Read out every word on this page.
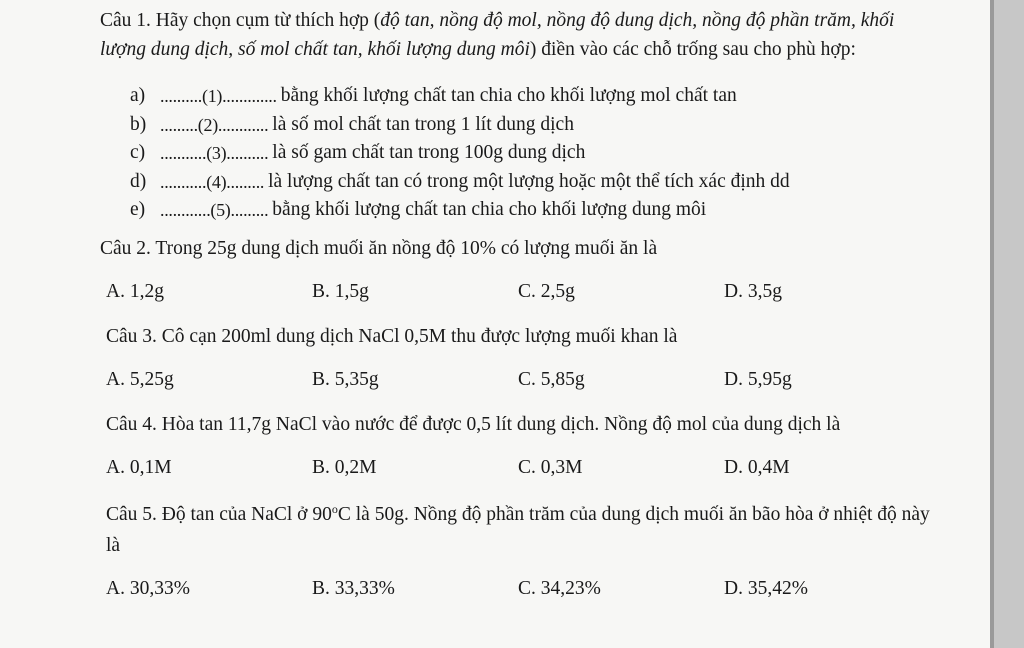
Câu 1. Hãy chọn cụm từ thích hợp (độ tan, nồng độ mol, nồng độ dung dịch, nồng độ phần trăm, khối lượng dung dịch, số mol chất tan, khối lượng dung môi) điền vào các chỗ trống sau cho phù hợp:

a) ..........(1)............. bằng khối lượng chất tan chia cho khối lượng mol chất tan
b) .........(2)............ là số mol chất tan trong 1 lít dung dịch
c) ...........(3).......... là số gam chất tan trong 100g dung dịch
d) ...........(4)......... là lượng chất tan có trong một lượng hoặc một thể tích xác định dd
e) ............(5)......... bằng khối lượng chất tan chia cho khối lượng dung môi

Câu 2. Trong 25g dung dịch muối ăn nồng độ 10% có lượng muối ăn là

A. 1,2g	B. 1,5g	C. 2,5g	D. 3,5g

Câu 3. Cô cạn 200ml dung dịch NaCl 0,5M thu được lượng muối khan là

A. 5,25g	B. 5,35g	C. 5,85g	D. 5,95g

Câu 4. Hòa tan 11,7g NaCl vào nước để được 0,5 lít dung dịch. Nồng độ mol của dung dịch là

A. 0,1M	B. 0,2M	C. 0,3M	D. 0,4M

Câu 5. Độ tan của NaCl ở 90$^o$C là 50g. Nồng độ phần trăm của dung dịch muối ăn bão hòa ở nhiệt độ này là

A. 30,33%	B. 33,33%	C. 34,23%	D. 35,42%
